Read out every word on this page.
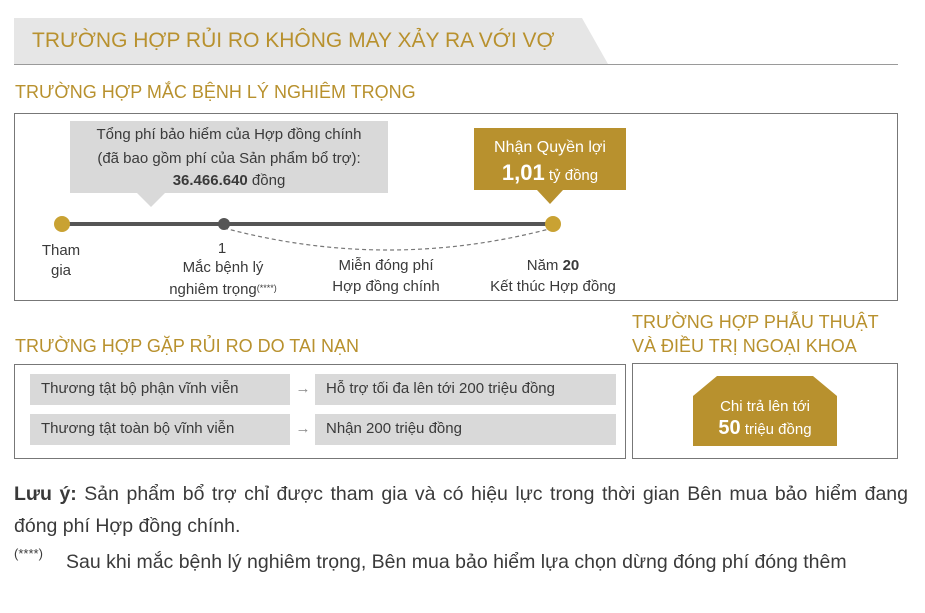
TRƯỜNG HỢP RỦI RO KHÔNG MAY XẢY RA VỚI VỢ
TRƯỜNG HỢP MẮC BỆNH LÝ NGHIÊM TRỌNG
Tổng phí bảo hiểm của Hợp đồng chính
(đã bao gồm phí của Sản phẩm bổ trợ):
36.466.640 đồng
Nhận Quyền lợi
1,01 tỷ đồng
Tham
gia
1
Mắc bệnh lý
nghiêm trọng(****)
Miễn đóng phí
Hợp đồng chính
Năm 20
Kết thúc Hợp đồng
TRƯỜNG HỢP GẶP RỦI RO DO TAI NẠN
Thương tật bộ phận vĩnh viễn	→	Hỗ trợ tối đa lên tới 200 triệu đồng
Thương tật toàn bộ vĩnh viễn	→	Nhận 200 triệu đồng
TRƯỜNG HỢP PHẪU THUẬT
VÀ ĐIỀU TRỊ NGOẠI KHOA
Chi trả lên tới
50 triệu đồng
Lưu ý: Sản phẩm bổ trợ chỉ được tham gia và có hiệu lực trong thời gian Bên mua bảo hiểm đang đóng phí Hợp đồng chính.
(****) Sau khi mắc bệnh lý nghiêm trọng, Bên mua bảo hiểm lựa chọn dừng đóng phí đóng thêm
